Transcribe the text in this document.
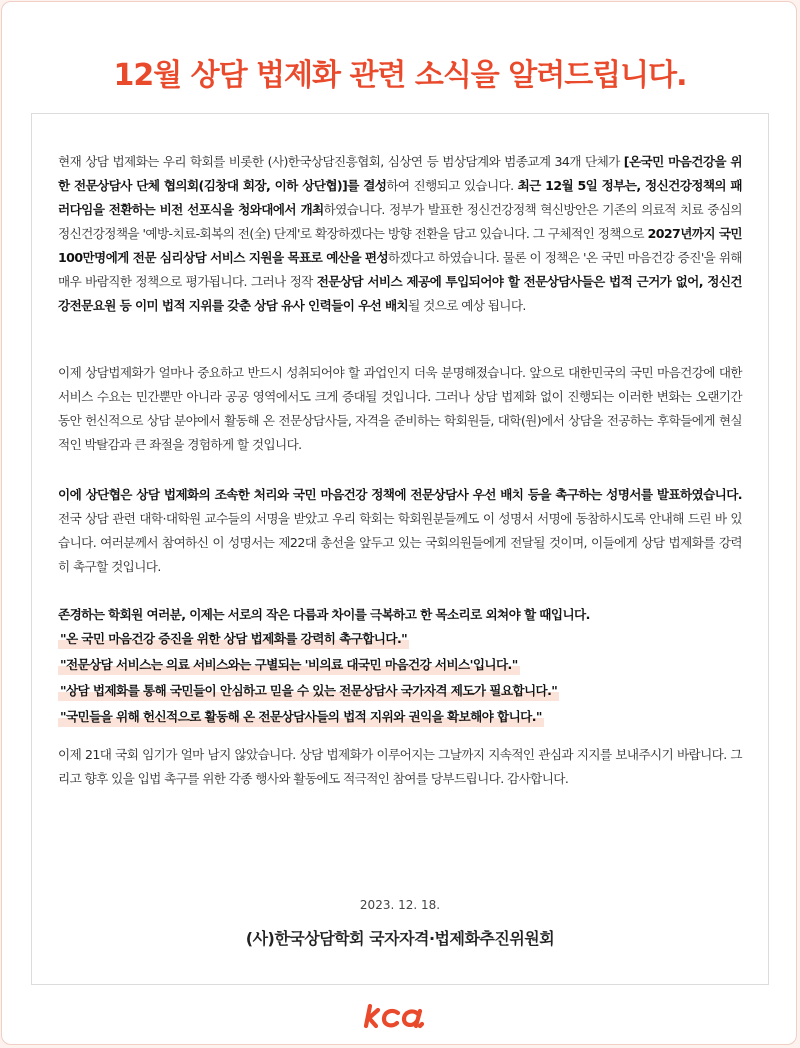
12월 상담 법제화 관련 소식을 알려드립니다.

현재 상담 법제화는 우리 학회를 비롯한 (사)한국상담진흥협회, 심상연 등 범상담계와 범종교계 34개 단체가 [온국민 마음건강을 위한 전문상담사 단체 협의회(김창대 회장, 이하 상단협)]를 결성하여 진행되고 있습니다. 최근 12월 5일 정부는, 정신건강정책의 패러다임을 전환하는 비전 선포식을 청와대에서 개최하였습니다. 정부가 발표한 정신건강정책 혁신방안은 기존의 의료적 치료 중심의 정신건강정책을 '예방-치료-회복의 전(全) 단계'로 확장하겠다는 방향 전환을 담고 있습니다. 그 구체적인 정책으로 2027년까지 국민 100만명에게 전문 심리상담 서비스 지원을 목표로 예산을 편성하겠다고 하였습니다. 물론 이 정책은 '온 국민 마음건강 증진'을 위해 매우 바람직한 정책으로 평가됩니다. 그러나 정작 전문상담 서비스 제공에 투입되어야 할 전문상담사들은 법적 근거가 없어, 정신건강전문요원 등 이미 법적 지위를 갖춘 상담 유사 인력들이 우선 배치될 것으로 예상 됩니다.

이제 상담법제화가 얼마나 중요하고 반드시 성취되어야 할 과업인지 더욱 분명해졌습니다. 앞으로 대한민국의 국민 마음건강에 대한 서비스 수요는 민간뿐만 아니라 공공 영역에서도 크게 증대될 것입니다. 그러나 상담 법제화 없이 진행되는 이러한 변화는 오랜기간 동안 헌신적으로 상담 분야에서 활동해 온 전문상담사들, 자격을 준비하는 학회원들, 대학(원)에서 상담을 전공하는 후학들에게 현실적인 박탈감과 큰 좌절을 경험하게 할 것입니다.

이에 상단협은 상담 법제화의 조속한 처리와 국민 마음건강 정책에 전문상담사 우선 배치 등을 촉구하는 성명서를 발표하였습니다. 전국 상담 관련 대학·대학원 교수들의 서명을 받았고 우리 학회는 학회원분들께도 이 성명서 서명에 동참하시도록 안내해 드린 바 있습니다. 여러분께서 참여하신 이 성명서는 제22대 총선을 앞두고 있는 국회의원들에게 전달될 것이며, 이들에게 상담 법제화를 강력히 촉구할 것입니다.

존경하는 학회원 여러분, 이제는 서로의 작은 다름과 차이를 극복하고 한 목소리로 외쳐야 할 때입니다.

"온 국민 마음건강 증진을 위한 상담 법제화를 강력히 촉구합니다."
"전문상담 서비스는 의료 서비스와는 구별되는 '비의료 대국민 마음건강 서비스'입니다."
"상담 법제화를 통해 국민들이 안심하고 믿을 수 있는 전문상담사 국가자격 제도가 필요합니다."
"국민들을 위해 헌신적으로 활동해 온 전문상담사들의 법적 지위와 권익을 확보해야 합니다."

이제 21대 국회 임기가 얼마 남지 않았습니다. 상담 법제화가 이루어지는 그날까지 지속적인 관심과 지지를 보내주시기 바랍니다. 그리고 향후 있을 입법 촉구를 위한 각종 행사와 활동에도 적극적인 참여를 당부드립니다. 감사합니다.

2023. 12. 18.
(사)한국상담학회 국자자격·법제화추진위원회
